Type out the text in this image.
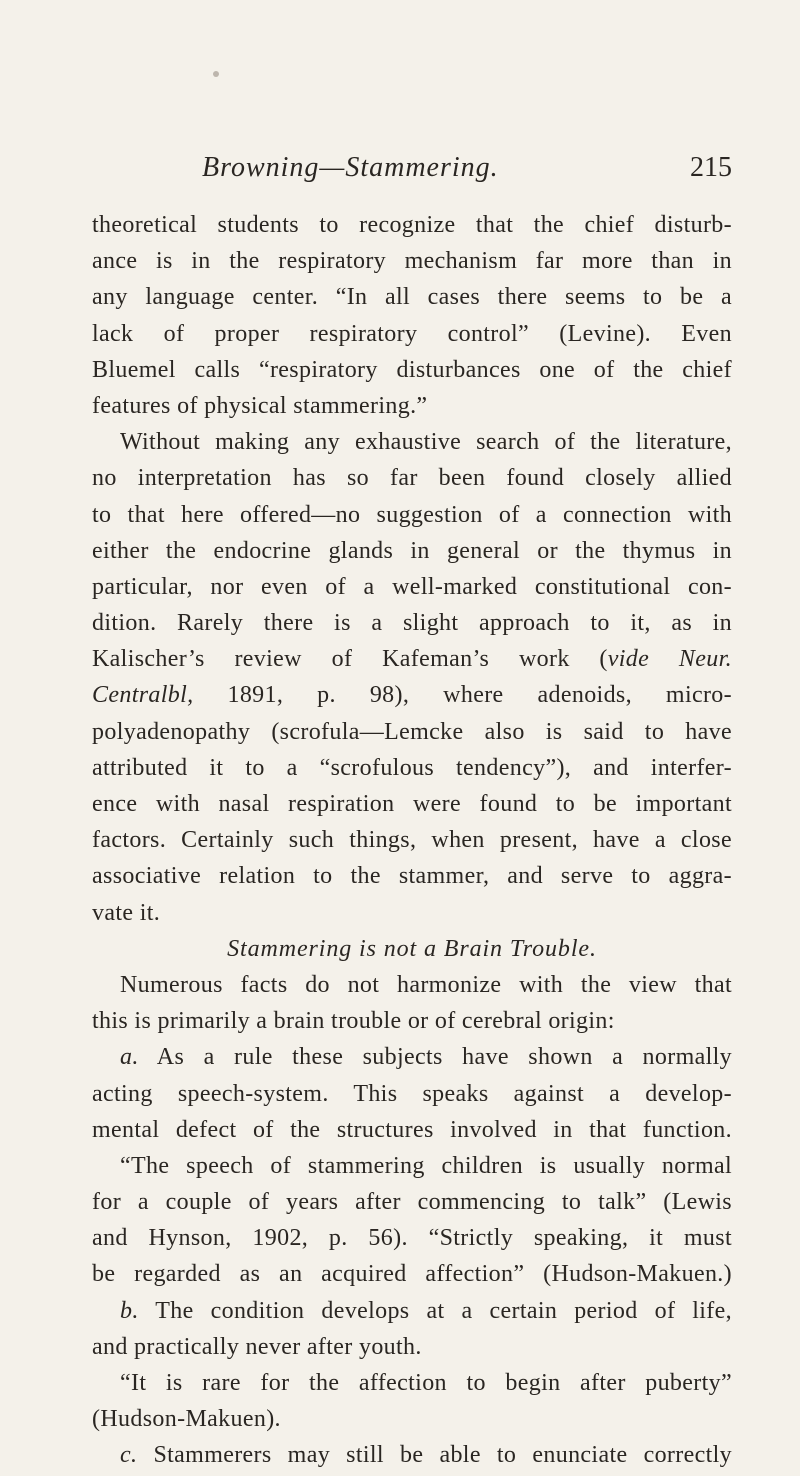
Browning—Stammering.	215
theoretical students to recognize that the chief disturb-
ance is in the respiratory mechanism far more than in
any language center. “In all cases there seems to be a
lack of proper respiratory control” (Levine). Even
Bluemel calls “respiratory disturbances one of the chief
features of physical stammering.”
Without making any exhaustive search of the literature,
no interpretation has so far been found closely allied
to that here offered—no suggestion of a connection with
either the endocrine glands in general or the thymus in
particular, nor even of a well-marked constitutional con-
dition. Rarely there is a slight approach to it, as in
Kalischer’s review of Kafeman’s work (vide Neur.
Centralbl, 1891, p. 98), where adenoids, micro-
polyadenopathy (scrofula—Lemcke also is said to have
attributed it to a “scrofulous tendency”), and interfer-
ence with nasal respiration were found to be important
factors. Certainly such things, when present, have a close
associative relation to the stammer, and serve to aggra-
vate it.
Stammering is not a Brain Trouble.
Numerous facts do not harmonize with the view that
this is primarily a brain trouble or of cerebral origin:
a. As a rule these subjects have shown a normally
acting speech-system. This speaks against a develop-
mental defect of the structures involved in that function.
“The speech of stammering children is usually normal
for a couple of years after commencing to talk” (Lewis
and Hynson, 1902, p. 56). “Strictly speaking, it must
be regarded as an acquired affection” (Hudson-Makuen.)
b. The condition develops at a certain period of life,
and practically never after youth.
“It is rare for the affection to begin after puberty”
(Hudson-Makuen).
c. Stammerers may still be able to enunciate correctly
